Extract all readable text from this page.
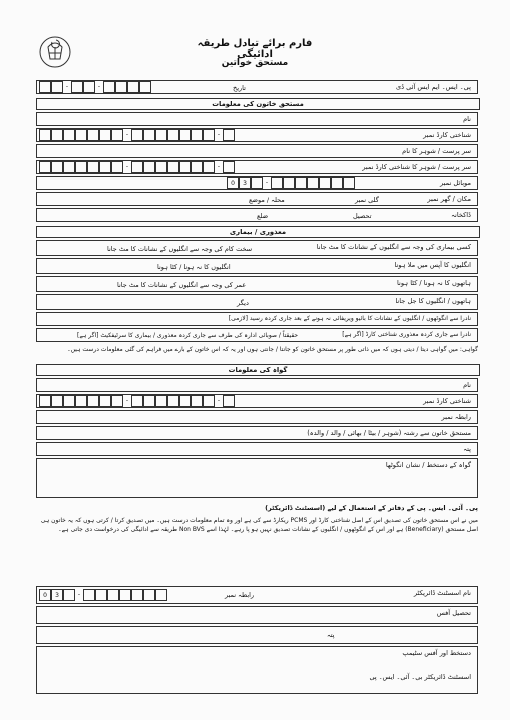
فارم برائے تبادل طریقہ ادائیگی
مستحق خواتین
پی۔ ایس۔ ایم ایس آئی ڈی
تاریخ
-	-
مستحق خاتون کی معلومات
نام
شناختی کارڈ نمبر
-	-
سر پرست / شوہر کا نام
سر پرست / شوہر کا شناختی کارڈ نمبر
-	-
موبائل نمبر
0	3	-
مکان / گھر نمبر
گلی نمبر
محلہ / موضع
ڈاکخانہ
تحصیل
ضلع
معذوری / بیماری
کسی بیماری کی وجہ سے انگلیوں کے نشانات کا مٹ جانا
سخت کام کی وجہ سے انگلیوں کے نشانات کا مٹ جانا
انگلیوں کا آپس میں ملا ہونا
انگلیوں کا نہ ہونا / کٹا ہونا
ہاتھوں کا نہ ہونا / کٹا ہونا
عمر کی وجہ سے انگلیوں کے نشانات کا مٹ جانا
ہاتھوں / انگلیوں کا جل جانا
دیگر
نادرا سے انگوٹھوں / انگلیوں کے نشانات کا بائیو ویریفائی نہ ہونے کے بعد جاری کردہ رسید [لازمی]
نادرا سے جاری کردہ معذوری شناختی کارڈ [اگر ہے]
حقیقتاً / صوبائی ادارہ کی طرف سے جاری کردہ معذوری / بیماری کا سرٹیفکیٹ [اگر ہے]
گواہی: میں گواہی دیتا / دیتی ہوں کہ میں ذاتی طور پر مستحق خاتون کو جانتا / جانتی ہوں اور یہ کہ اس خاتون کے بارے میں فراہم کی گئی معلومات درست ہیں۔
گواہ کی معلومات
نام
شناختی کارڈ نمبر
-	-
رابطہ نمبر
مستحق خاتون سے رشتہ (شوہر / بیٹا / بھائی / والد / والدہ)
پتہ
گواہ کے دستخط / نشان انگوٹھا
پی۔ آئی۔ ایس۔ پی کے دفاتر کے استعمال کے لیے (اسسٹنٹ ڈائریکٹر)
میں نے اس مستحق خاتون کی تصدیق اس کے اصل شناختی کارڈ اور PCMS ریکارڈ سے کی ہے اور وہ تمام معلومات درست ہیں۔ میں تصدیق کرتا / کرتی ہوں کہ یہ خاتون ہی اصل مستحق (Beneficiary) ہے اور اس کے انگوٹھوں / انگلیوں کے نشانات تصدیق نہیں ہو پا رہے۔ لہٰذا اسے Non BVS طریقہ سے ادائیگی کی درخواست دی جاتی ہے۔
نام اسسٹنٹ ڈائریکٹر
رابطہ نمبر
0	3	-
تحصیل آفس
پتہ
دستخط اور آفس سٹیمپ
اسسٹنٹ ڈائریکٹر بی۔ آئی۔ ایس۔ پی
